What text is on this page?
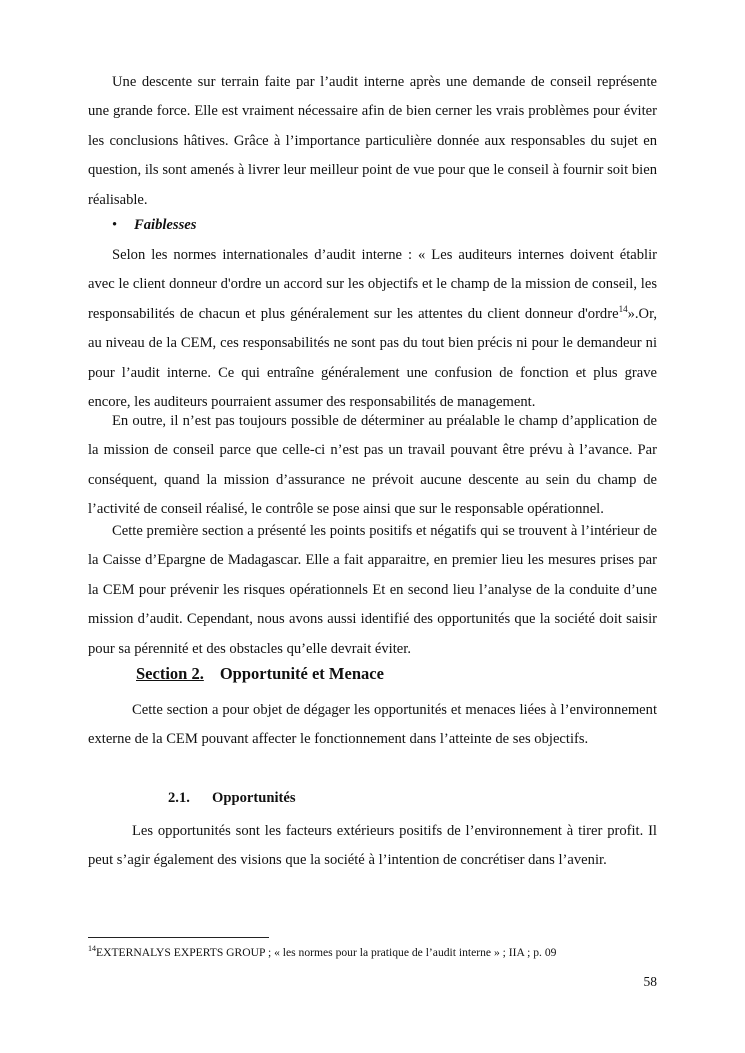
Une descente sur terrain faite par l’audit interne après une demande de conseil représente une grande force. Elle est vraiment nécessaire afin de bien cerner les vrais problèmes pour éviter les conclusions hâtives. Grâce à l’importance particulière donnée aux responsables du sujet en question, ils sont amenés à livrer leur meilleur point de vue pour que le conseil à fournir soit bien réalisable.

• Faiblesses

Selon les normes internationales d’audit interne : « Les auditeurs internes doivent établir avec le client donneur d'ordre un accord sur les objectifs et le champ de la mission de conseil, les responsabilités de chacun et plus généralement sur les attentes du client donneur d'ordre$^{14}$».Or, au niveau de la CEM, ces responsabilités ne sont pas du tout bien précis ni pour le demandeur ni pour l’audit interne. Ce qui entraîne généralement une confusion de fonction et plus grave encore, les auditeurs pourraient assumer des responsabilités de management.

En outre, il n’est pas toujours possible de déterminer au préalable le champ d’application de la mission de conseil parce que celle-ci n’est pas un travail pouvant être prévu à l’avance. Par conséquent, quand la mission d’assurance ne prévoit aucune descente au sein du champ de l’activité de conseil réalisé, le contrôle se pose ainsi que sur le responsable opérationnel.

Cette première section a présenté les points positifs et négatifs qui se trouvent à l’intérieur de la Caisse d’Epargne de Madagascar. Elle a fait apparaitre, en premier lieu les mesures prises par la CEM pour prévenir les risques opérationnels Et en second lieu l’analyse de la conduite d’une mission d’audit. Cependant, nous avons aussi identifié des opportunités que la société doit saisir pour sa pérennité et des obstacles qu’elle devrait éviter.

Section 2. Opportunité et Menace

Cette section a pour objet de dégager les opportunités et menaces liées à l’environnement externe de la CEM pouvant affecter le fonctionnement dans l’atteinte de ses objectifs.

2.1. Opportunités

Les opportunités sont les facteurs extérieurs positifs de l’environnement à tirer profit. Il peut s’agir également des visions que la société à l’intention de concrétiser dans l’avenir.

$^{14}$EXTERNALYS EXPERTS GROUP ; « les normes pour la pratique de l’audit interne » ; IIA ; p. 09
58
